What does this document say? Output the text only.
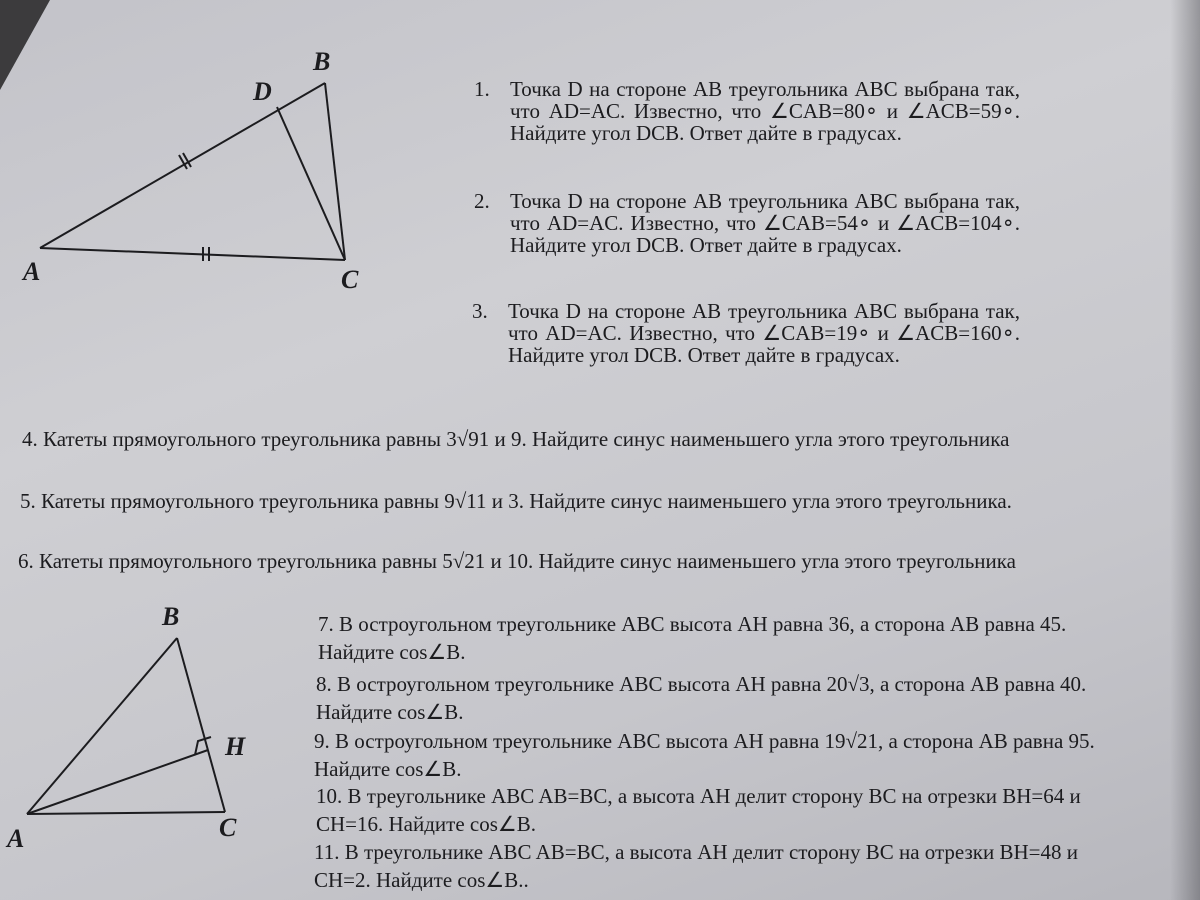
B
D
A	C
B
H
A	C
1. Точка D на стороне AB треугольника ABC выбрана так, что AD=AC. Известно, что ∠CAB=80∘ и ∠ACB=59∘. Найдите угол DCB. Ответ дайте в градусах.
2. Точка D на стороне AB треугольника ABC выбрана так, что AD=AC. Известно, что ∠CAB=54∘ и ∠ACB=104∘. Найдите угол DCB. Ответ дайте в градусах.
3. Точка D на стороне AB треугольника ABC выбрана так, что AD=AC. Известно, что ∠CAB=19∘ и ∠ACB=160∘. Найдите угол DCB. Ответ дайте в градусах.
4. Катеты прямоугольного треугольника равны 3√91 и 9. Найдите синус наименьшего угла этого треугольника
5. Катеты прямоугольного треугольника равны 9√11 и 3. Найдите синус наименьшего угла этого треугольника.
6. Катеты прямоугольного треугольника равны 5√21 и 10. Найдите синус наименьшего угла этого треугольника
7. В остроугольном треугольнике ABC высота AH равна 36, а сторона AB равна 45. Найдите cos∠B.
8. В остроугольном треугольнике ABC высота AH равна 20√3, а сторона AB равна 40. Найдите cos∠B.
9. В остроугольном треугольнике ABC высота AH равна 19√21, а сторона AB равна 95. Найдите cos∠B.
10. В треугольнике ABC AB=BC, а высота AH делит сторону BC на отрезки BH=64 и CH=16. Найдите cos∠B.
11. В треугольнике ABC AB=BC, а высота AH делит сторону BC на отрезки BH=48 и CH=2. Найдите cos∠B..
